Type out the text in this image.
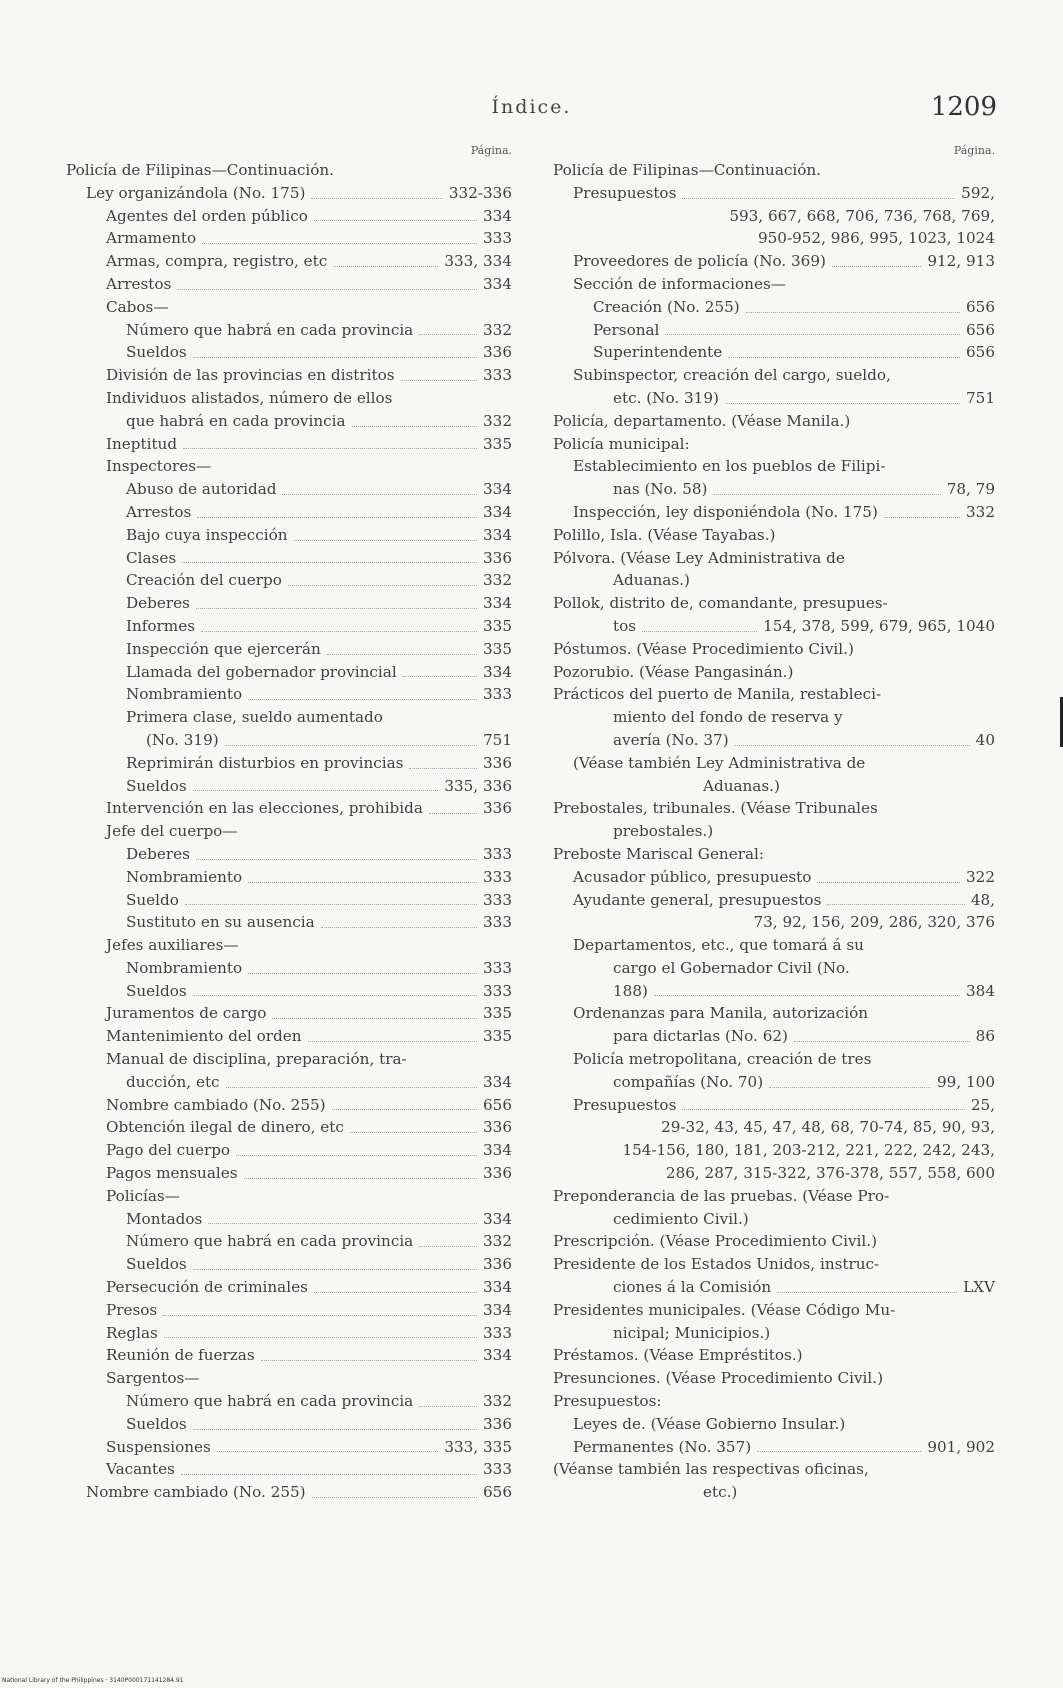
Índice.	1209
Página.
Policía de Filipinas—Continuación.
Ley organizándola (No. 175)	332-336
Agentes del orden público	334
Armamento	333
Armas, compra, registro, etc	333, 334
Arrestos	334
Cabos—
Número que habrá en cada provincia	332
Sueldos	336
División de las provincias en distritos	333
Individuos alistados, número de ellos
que habrá en cada provincia	332
Ineptitud	335
Inspectores—
Abuso de autoridad	334
Arrestos	334
Bajo cuya inspección	334
Clases	336
Creación del cuerpo	332
Deberes	334
Informes	335
Inspección que ejercerán	335
Llamada del gobernador provincial	334
Nombramiento	333
Primera clase, sueldo aumentado
(No. 319)	751
Reprimirán disturbios en provincias	336
Sueldos	335, 336
Intervención en las elecciones, prohibida	336
Jefe del cuerpo—
Deberes	333
Nombramiento	333
Sueldo	333
Sustituto en su ausencia	333
Jefes auxiliares—
Nombramiento	333
Sueldos	333
Juramentos de cargo	335
Mantenimiento del orden	335
Manual de disciplina, preparación, tra-
ducción, etc	334
Nombre cambiado (No. 255)	656
Obtención ilegal de dinero, etc	336
Pago del cuerpo	334
Pagos mensuales	336
Policías—
Montados	334
Número que habrá en cada provincia	332
Sueldos	336
Persecución de criminales	334
Presos	334
Reglas	333
Reunión de fuerzas	334
Sargentos—
Número que habrá en cada provincia	332
Sueldos	336
Suspensiones	333, 335
Vacantes	333
Nombre cambiado (No. 255)	656
Página.
Policía de Filipinas—Continuación.
Presupuestos	592,
593, 667, 668, 706, 736, 768, 769,
950-952, 986, 995, 1023, 1024
Proveedores de policía (No. 369)	912, 913
Sección de informaciones—
Creación (No. 255)	656
Personal	656
Superintendente	656
Subinspector, creación del cargo, sueldo,
etc. (No. 319)	751
Policía, departamento. (Véase Manila.)
Policía municipal:
Establecimiento en los pueblos de Filipi-
nas (No. 58)	78, 79
Inspección, ley disponiéndola (No. 175)	332
Polillo, Isla. (Véase Tayabas.)
Pólvora. (Véase Ley Administrativa de
Aduanas.)
Pollok, distrito de, comandante, presupues-
tos	154, 378, 599, 679, 965, 1040
Póstumos. (Véase Procedimiento Civil.)
Pozorubio. (Véase Pangasinán.)
Prácticos del puerto de Manila, restableci-
miento del fondo de reserva y
avería (No. 37)	40
(Véase también Ley Administrativa de
Aduanas.)
Prebostales, tribunales. (Véase Tribunales
prebostales.)
Preboste Mariscal General:
Acusador público, presupuesto	322
Ayudante general, presupuestos	48,
73, 92, 156, 209, 286, 320, 376
Departamentos, etc., que tomará á su
cargo el Gobernador Civil (No.
188)	384
Ordenanzas para Manila, autorización
para dictarlas (No. 62)	86
Policía metropolitana, creación de tres
compañías (No. 70)	99, 100
Presupuestos	25,
29-32, 43, 45, 47, 48, 68, 70-74, 85, 90, 93,
154-156, 180, 181, 203-212, 221, 222, 242, 243,
286, 287, 315-322, 376-378, 557, 558, 600
Preponderancia de las pruebas. (Véase Pro-
cedimiento Civil.)
Prescripción. (Véase Procedimiento Civil.)
Presidente de los Estados Unidos, instruc-
ciones á la Comisión	LXV
Presidentes municipales. (Véase Código Mu-
nicipal; Municipios.)
Préstamos. (Véase Empréstitos.)
Presunciones. (Véase Procedimiento Civil.)
Presupuestos:
Leyes de. (Véase Gobierno Insular.)
Permanentes (No. 357)	901, 902
(Véanse también las respectivas oficinas,
etc.)
National Library of the Philippines · 3140P000171141284.91
